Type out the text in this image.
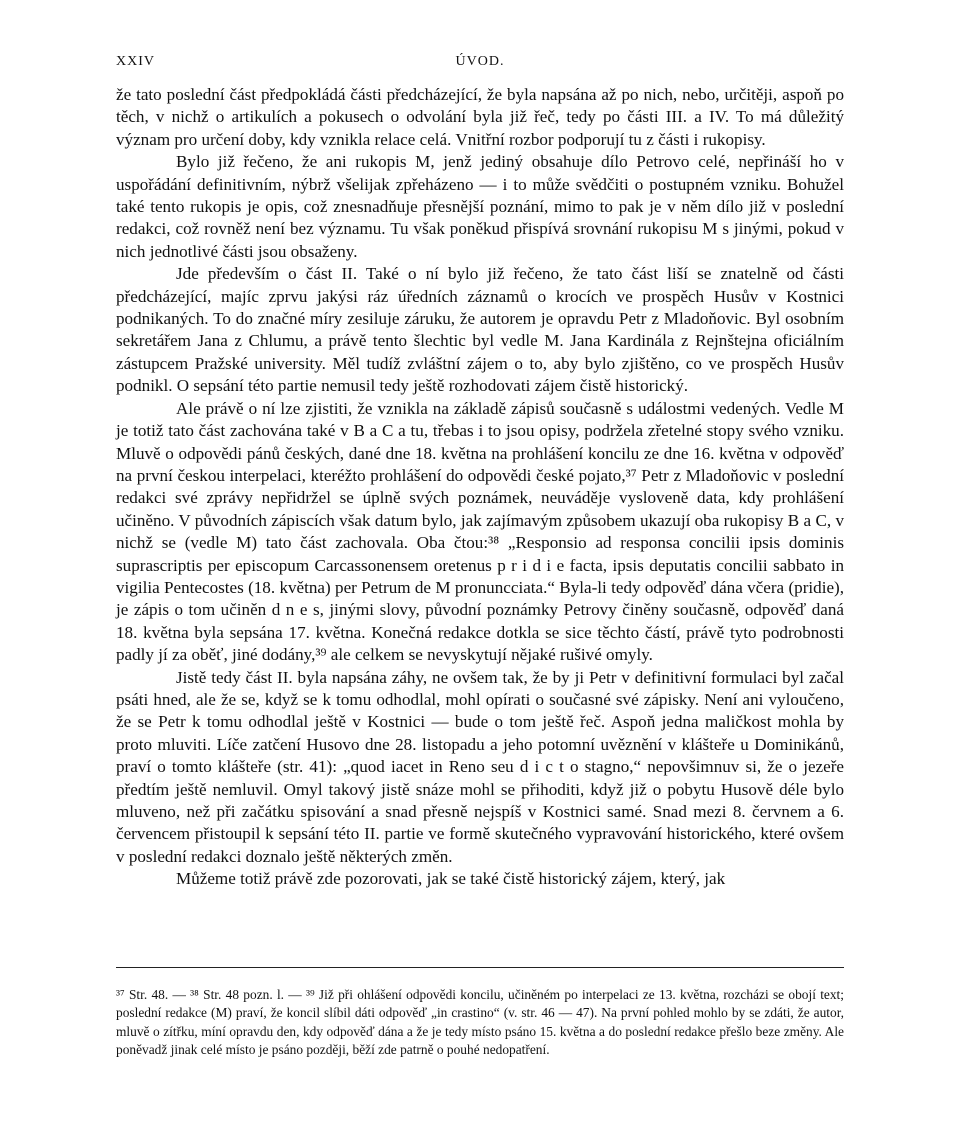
XXIV	ÚVOD.

že tato poslední část předpokládá části předcházející, že byla napsána až po nich, nebo, určitěji, aspoň po těch, v nichž o artikulích a pokusech o odvolání byla již řeč, tedy po části III. a IV. To má důležitý význam pro určení doby, kdy vznikla relace celá. Vnitřní rozbor podporují tu z části i rukopisy.

Bylo již řečeno, že ani rukopis M, jenž jediný obsahuje dílo Petrovo celé, nepřináší ho v uspořádání definitivním, nýbrž všelijak zpřeházeno — i to může svědčiti o postupném vzniku. Bohužel také tento rukopis je opis, což znesnadňuje přesnější poznání, mimo to pak je v něm dílo již v poslední redakci, což rovněž není bez významu. Tu však poněkud přispívá srovnání rukopisu M s jinými, pokud v nich jednotlivé části jsou obsaženy.

Jde především o část II. Také o ní bylo již řečeno, že tato část liší se znatelně od části předcházející, majíc zprvu jakýsi ráz úředních záznamů o krocích ve prospěch Husův v Kostnici podnikaných. To do značné míry zesiluje záruku, že autorem je opravdu Petr z Mladoňovic. Byl osobním sekretářem Jana z Chlumu, a právě tento šlechtic byl vedle M. Jana Kardinála z Rejnštejna oficiálním zástupcem Pražské university. Měl tudíž zvláštní zájem o to, aby bylo zjištěno, co ve prospěch Husův podnikl. O sepsání této partie nemusil tedy ještě rozhodovati zájem čistě historický.

Ale právě o ní lze zjistiti, že vznikla na základě zápisů současně s událostmi vedených. Vedle M je totiž tato část zachována také v B a C a tu, třebas i to jsou opisy, podržela zřetelné stopy svého vzniku. Mluvě o odpovědi pánů českých, dané dne 18. května na prohlášení koncilu ze dne 16. května v odpověď na první českou interpelaci, kteréžto prohlášení do odpovědi české pojato,³⁷ Petr z Mladoňovic v poslední redakci své zprávy nepřidržel se úplně svých poznámek, neuváděje vysloveně data, kdy prohlášení učiněno. V původních zápiscích však datum bylo, jak zajímavým způsobem ukazují oba rukopisy B a C, v nichž se (vedle M) tato část zachovala. Oba čtou:³⁸ „Responsio ad responsa concilii ipsis dominis suprascriptis per episcopum Carcassonensem oretenus p r i d i e facta, ipsis deputatis concilii sabbato in vigilia Pentecostes (18. května) per Petrum de M pronuncciata.“ Byla-li tedy odpověď dána včera (pridie), je zápis o tom učiněn d n e s, jinými slovy, původní poznámky Petrovy činěny současně, odpověď daná 18. května byla sepsána 17. května. Konečná redakce dotkla se sice těchto částí, právě tyto podrobnosti padly jí za oběť, jiné dodány,³⁹ ale celkem se nevyskytují nějaké rušivé omyly.

Jistě tedy část II. byla napsána záhy, ne ovšem tak, že by ji Petr v definitivní formulaci byl začal psáti hned, ale že se, když se k tomu odhodlal, mohl opírati o současné své zápisky. Není ani vyloučeno, že se Petr k tomu odhodlal ještě v Kostnici — bude o tom ještě řeč. Aspoň jedna maličkost mohla by proto mluviti. Líče zatčení Husovo dne 28. listopadu a jeho potomní uvěznění v klášteře u Dominikánů, praví o tomto klášteře (str. 41): „quod iacet in Reno seu d i c t o stagno,“ nepovšimnuv si, že o jezeře předtím ještě nemluvil. Omyl takový jistě snáze mohl se přihoditi, když již o pobytu Husově déle bylo mluveno, než při začátku spisování a snad přesně nejspíš v Kostnici samé. Snad mezi 8. červnem a 6. červencem přistoupil k sepsání této II. partie ve formě skutečného vypravování historického, které ovšem v poslední redakci doznalo ještě některých změn.

Můžeme totiž právě zde pozorovati, jak se také čistě historický zájem, který, jak

³⁷ Str. 48. — ³⁸ Str. 48 pozn. l. — ³⁹ Již při ohlášení odpovědi koncilu, učiněném po interpelaci ze 13. května, rozcházi se obojí text; poslední redakce (M) praví, že koncil slíbil dáti odpověď „in crastino“ (v. str. 46 — 47). Na první pohled mohlo by se zdáti, že autor, mluvě o zítřku, míní opravdu den, kdy odpověď dána a že je tedy místo psáno 15. května a do poslední redakce přešlo beze změny. Ale poněvadž jinak celé místo je psáno později, běží zde patrně o pouhé nedopatření.
